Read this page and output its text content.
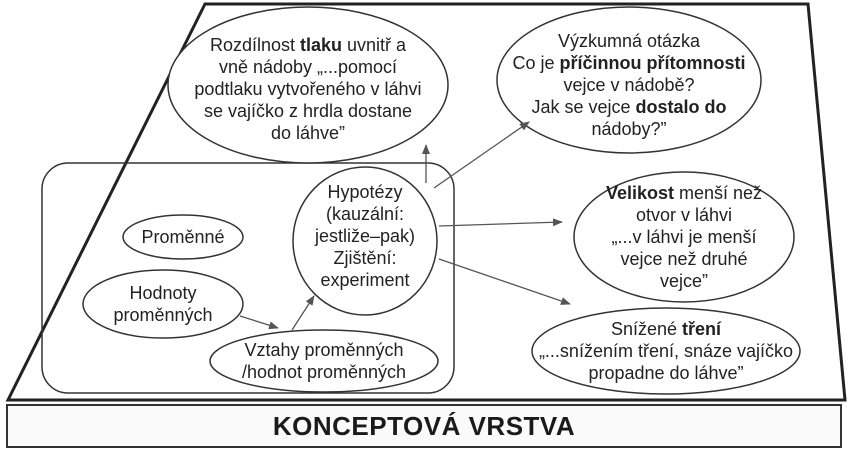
Rozdílnost tlaku uvnitř a
vně nádoby „...pomocí
podtlaku vytvořeného v láhvi
se vajíčko z hrdla dostane
do láhve”
Výzkumná otázka
Co je příčinnou přítomnosti
vejce v nádobě?
Jak se vejce dostalo do
nádoby?”
Hypotézy
(kauzální:
jestliže–pak)
Zjištění:
experiment
Proměnné
Hodnoty
proměnných
Vztahy proměnných
/hodnot proměnných
Velikost menší než
otvor v láhvi
„...v láhvi je menší
vejce než druhé
vejce”
Snížené tření
„...snížením tření, snáze vajíčko
propadne do láhve”
KONCEPTOVÁ VRSTVA
